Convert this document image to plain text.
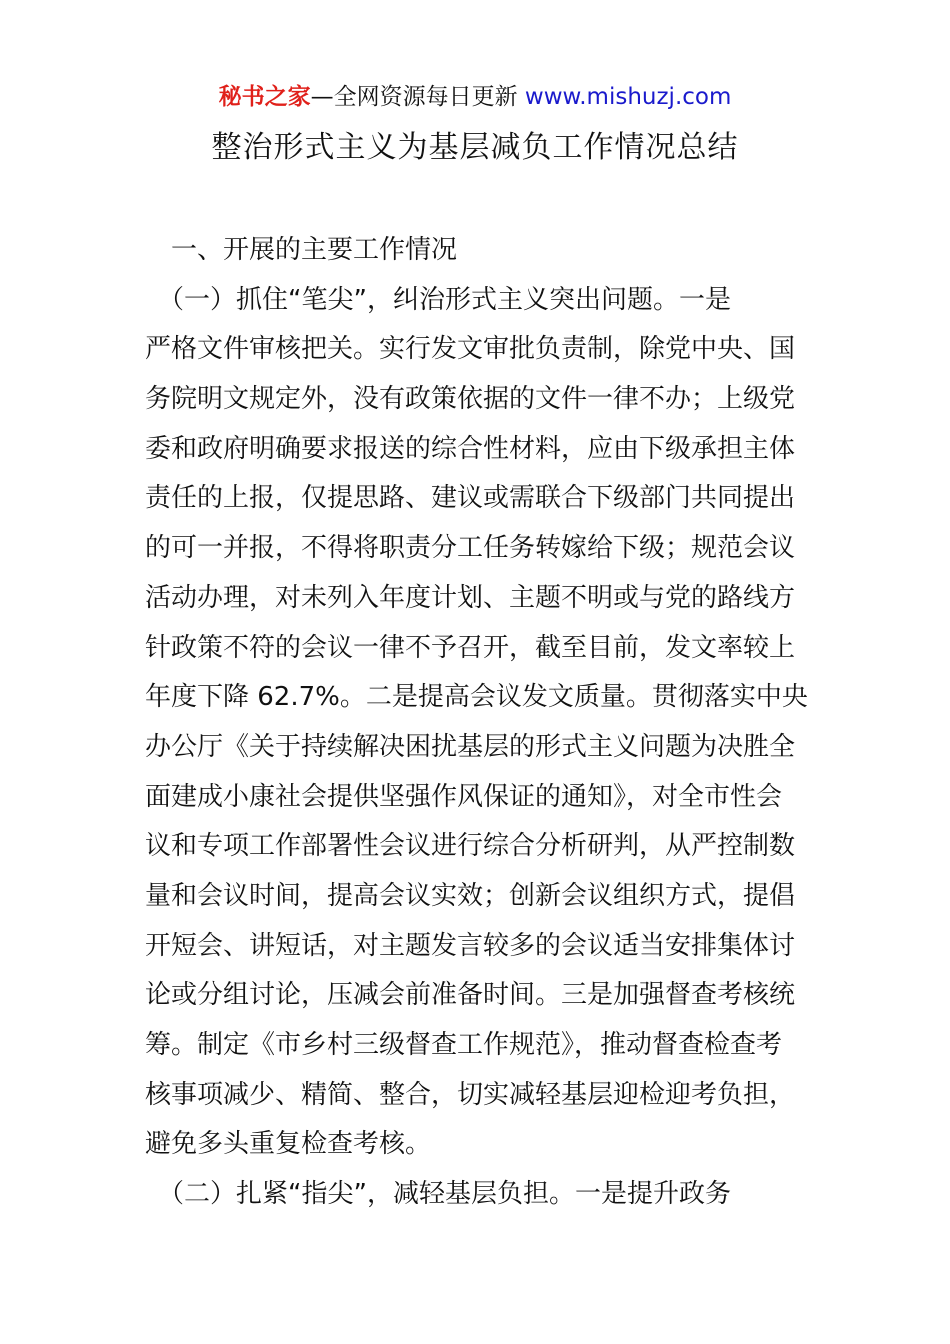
秘书之家—全网资源每日更新 www.mishuzj.com
整治形式主义为基层减负工作情况总结
　一、开展的主要工作情况
　（一）抓住“笔尖”，纠治形式主义突出问题。一是
严格文件审核把关。实行发文审批负责制，除党中央、国
务院明文规定外，没有政策依据的文件一律不办；上级党
委和政府明确要求报送的综合性材料，应由下级承担主体
责任的上报，仅提思路、建议或需联合下级部门共同提出
的可一并报，不得将职责分工任务转嫁给下级；规范会议
活动办理，对未列入年度计划、主题不明或与党的路线方
针政策不符的会议一律不予召开，截至目前，发文率较上
年度下降 62.7%。二是提高会议发文质量。贯彻落实中央
办公厅《关于持续解决困扰基层的形式主义问题为决胜全
面建成小康社会提供坚强作风保证的通知》，对全市性会
议和专项工作部署性会议进行综合分析研判，从严控制数
量和会议时间，提高会议实效；创新会议组织方式，提倡
开短会、讲短话，对主题发言较多的会议适当安排集体讨
论或分组讨论，压减会前准备时间。三是加强督查考核统
筹。制定《市乡村三级督查工作规范》，推动督查检查考
核事项减少、精简、整合，切实减轻基层迎检迎考负担，
避免多头重复检查考核。
　（二）扎紧“指尖”，减轻基层负担。一是提升政务
